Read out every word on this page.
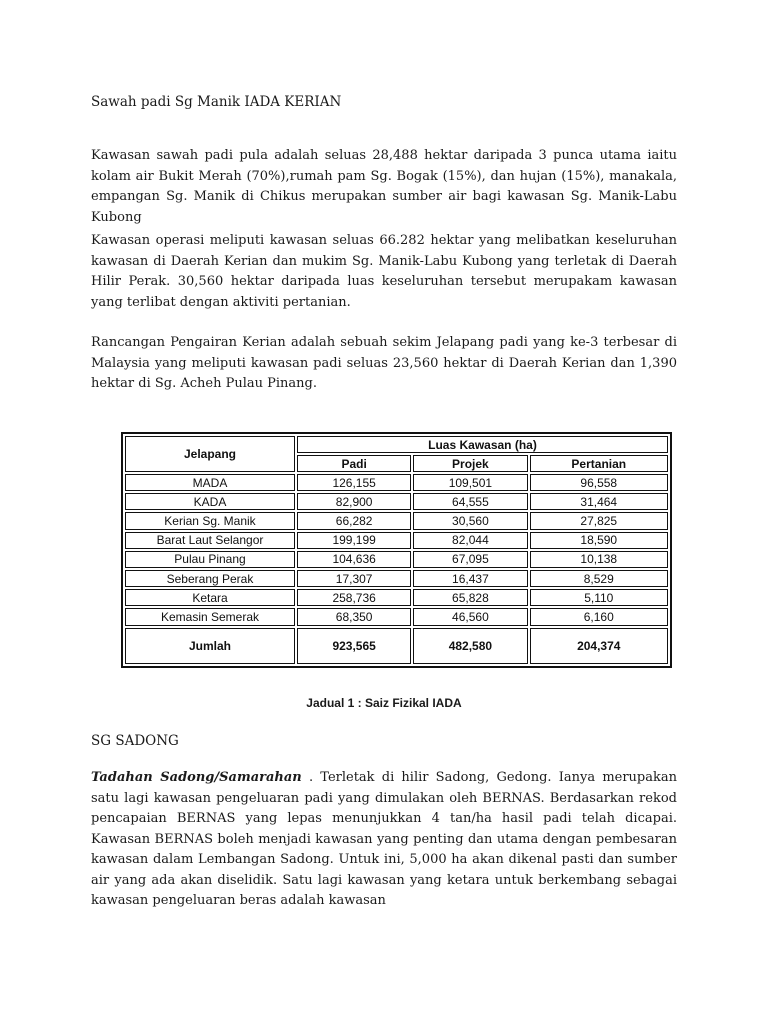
Sawah padi Sg Manik IADA KERIAN

Kawasan sawah padi pula adalah seluas 28,488 hektar daripada 3 punca utama iaitu kolam air Bukit Merah (70%),rumah pam Sg. Bogak (15%), dan hujan (15%), manakala, empangan Sg. Manik di Chikus merupakan sumber air bagi kawasan Sg. Manik-Labu Kubong

Kawasan operasi meliputi kawasan seluas 66.282 hektar yang melibatkan keseluruhan kawasan di Daerah Kerian dan mukim Sg. Manik-Labu Kubong yang terletak di Daerah Hilir Perak. 30,560 hektar daripada luas keseluruhan tersebut merupakam kawasan yang terlibat dengan aktiviti pertanian.

Rancangan Pengairan Kerian adalah sebuah sekim Jelapang padi yang ke-3 terbesar di Malaysia yang meliputi kawasan padi seluas 23,560 hektar di Daerah Kerian dan 1,390 hektar di Sg. Acheh Pulau Pinang.

Jelapang	Luas Kawasan (ha)		
	Padi	Projek	Pertanian
MADA	126,155	109,501	96,558
KADA	82,900	64,555	31,464
Kerian Sg. Manik	66,282	30,560	27,825
Barat Laut Selangor	199,199	82,044	18,590
Pulau Pinang	104,636	67,095	10,138
Seberang Perak	17,307	16,437	8,529
Ketara	258,736	65,828	5,110
Kemasin Semerak	68,350	46,560	6,160
Jumlah	923,565	482,580	204,374
Jadual 1 : Saiz Fizikal IADA
SG SADONG

Tadahan Sadong/Samarahan . Terletak di hilir Sadong, Gedong. Ianya merupakan satu lagi kawasan pengeluaran padi yang dimulakan oleh BERNAS. Berdasarkan rekod pencapaian BERNAS yang lepas menunjukkan 4 tan/ha hasil padi telah dicapai. Kawasan BERNAS boleh menjadi kawasan yang penting dan utama dengan pembesaran kawasan dalam Lembangan Sadong. Untuk ini, 5,000 ha akan dikenal pasti dan sumber air yang ada akan diselidik. Satu lagi kawasan yang ketara untuk berkembang sebagai kawasan pengeluaran beras adalah kawasan
